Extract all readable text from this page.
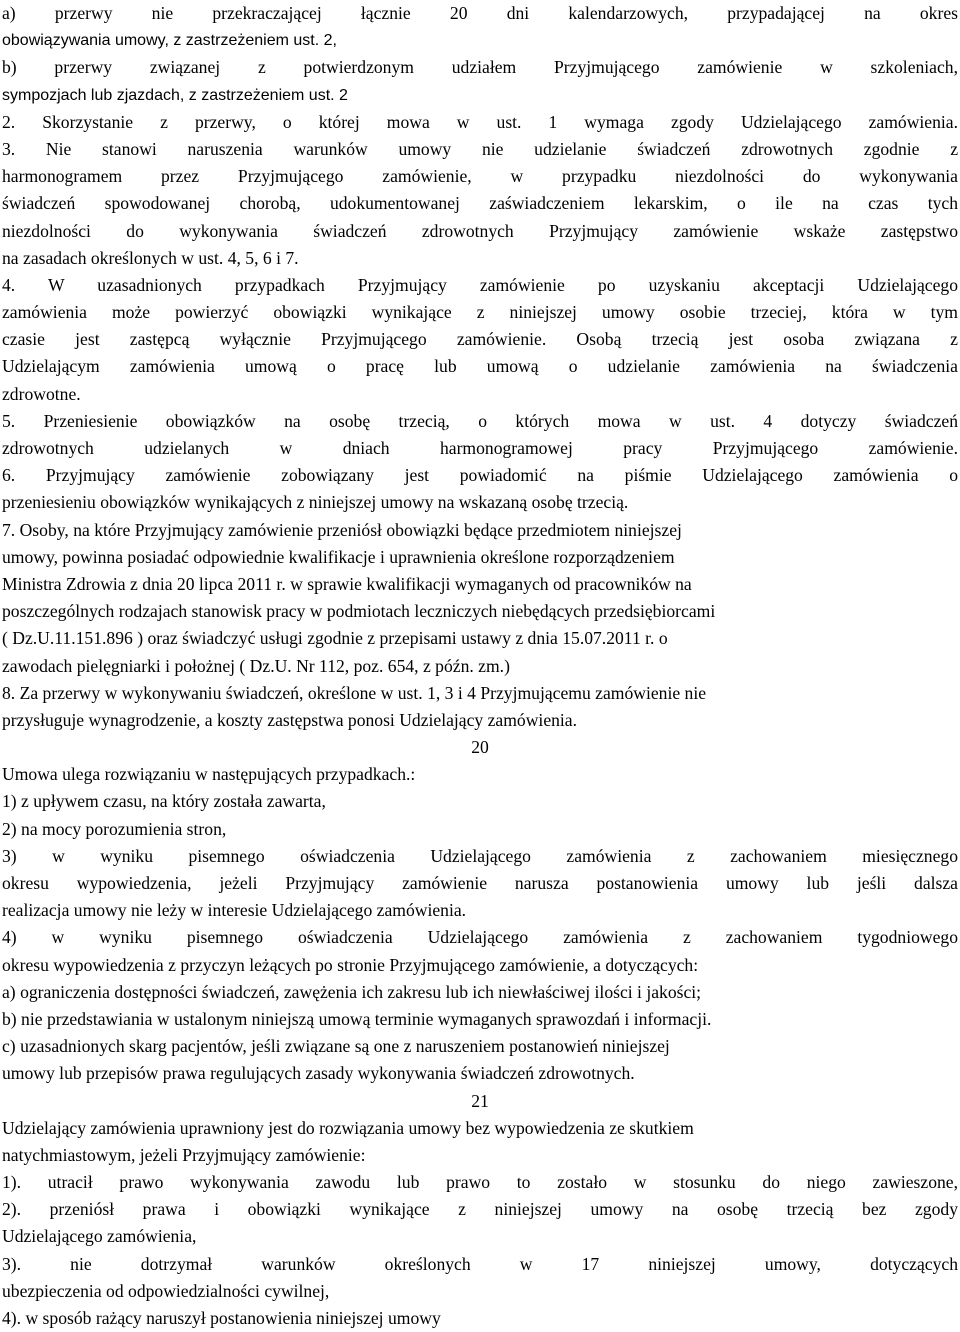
a) przerwy nie przekraczającej łącznie 20 dni kalendarzowych, przypadającej na okres
obowiązywania umowy, z zastrzeżeniem ust. 2,
b) przerwy związanej z potwierdzonym udziałem Przyjmującego zamówienie w szkoleniach,
sympozjach lub zjazdach, z zastrzeżeniem ust. 2
2. Skorzystanie z przerwy, o której mowa w ust. 1 wymaga zgody Udzielającego zamówienia.
3. Nie stanowi naruszenia warunków umowy nie udzielanie świadczeń zdrowotnych zgodnie z
harmonogramem przez Przyjmującego zamówienie, w przypadku niezdolności do wykonywania
świadczeń spowodowanej chorobą, udokumentowanej zaświadczeniem lekarskim, o ile na czas tych
niezdolności do wykonywania świadczeń zdrowotnych Przyjmujący zamówienie wskaże zastępstwo
na zasadach określonych w ust. 4, 5, 6 i 7.
4. W uzasadnionych przypadkach Przyjmujący zamówienie po uzyskaniu akceptacji Udzielającego
zamówienia może powierzyć obowiązki wynikające z niniejszej umowy osobie trzeciej, która w tym
czasie jest zastępcą wyłącznie Przyjmującego zamówienie. Osobą trzecią jest osoba związana z
Udzielającym zamówienia umową o pracę lub umową o udzielanie zamówienia na świadczenia
zdrowotne.
5. Przeniesienie obowiązków na osobę trzecią, o których mowa w ust. 4 dotyczy świadczeń
zdrowotnych udzielanych w dniach harmonogramowej pracy Przyjmującego zamówienie.
6. Przyjmujący zamówienie zobowiązany jest powiadomić na piśmie Udzielającego zamówienia o
przeniesieniu obowiązków wynikających z niniejszej umowy na wskazaną osobę trzecią.
7. Osoby, na które Przyjmujący zamówienie przeniósł obowiązki będące przedmiotem niniejszej
umowy, powinna posiadać odpowiednie kwalifikacje i uprawnienia określone rozporządzeniem
Ministra Zdrowia z dnia 20 lipca 2011 r. w sprawie kwalifikacji wymaganych od pracowników na
poszczególnych rodzajach stanowisk pracy w podmiotach leczniczych niebędących przedsiębiorcami
( Dz.U.11.151.896 ) oraz świadczyć usługi zgodnie z przepisami ustawy z dnia 15.07.2011 r. o
zawodach pielęgniarki i położnej ( Dz.U. Nr 112, poz. 654, z późn. zm.)
8. Za przerwy w wykonywaniu świadczeń, określone w ust. 1, 3 i 4 Przyjmującemu zamówienie nie
przysługuje wynagrodzenie, a koszty zastępstwa ponosi Udzielający zamówienia.
20
Umowa ulega rozwiązaniu w następujących przypadkach.:
1) z upływem czasu, na który została zawarta,
2) na mocy porozumienia stron,
3) w wyniku pisemnego oświadczenia Udzielającego zamówienia z zachowaniem miesięcznego
okresu wypowiedzenia, jeżeli Przyjmujący zamówienie narusza postanowienia umowy lub jeśli dalsza
realizacja umowy nie leży w interesie Udzielającego zamówienia.
4) w wyniku pisemnego oświadczenia Udzielającego zamówienia z zachowaniem tygodniowego
okresu wypowiedzenia z przyczyn leżących po stronie Przyjmującego zamówienie, a dotyczących:
a) ograniczenia dostępności świadczeń, zawężenia ich zakresu lub ich niewłaściwej ilości i jakości;
b) nie przedstawiania w ustalonym niniejszą umową terminie wymaganych sprawozdań i informacji.
c) uzasadnionych skarg pacjentów, jeśli związane są one z naruszeniem postanowień niniejszej
umowy lub przepisów prawa regulujących zasady wykonywania świadczeń zdrowotnych.
21
Udzielający zamówienia uprawniony jest do rozwiązania umowy bez wypowiedzenia ze skutkiem
natychmiastowym, jeżeli Przyjmujący zamówienie:
1). utracił prawo wykonywania zawodu lub prawo to zostało w stosunku do niego zawieszone,
2). przeniósł prawa i obowiązki wynikające z niniejszej umowy na osobę trzecią bez zgody
Udzielającego zamówienia,
3). nie dotrzymał warunków określonych w 17 niniejszej umowy, dotyczących
ubezpieczenia od odpowiedzialności cywilnej,
4). w sposób rażący naruszył postanowienia niniejszej umowy
